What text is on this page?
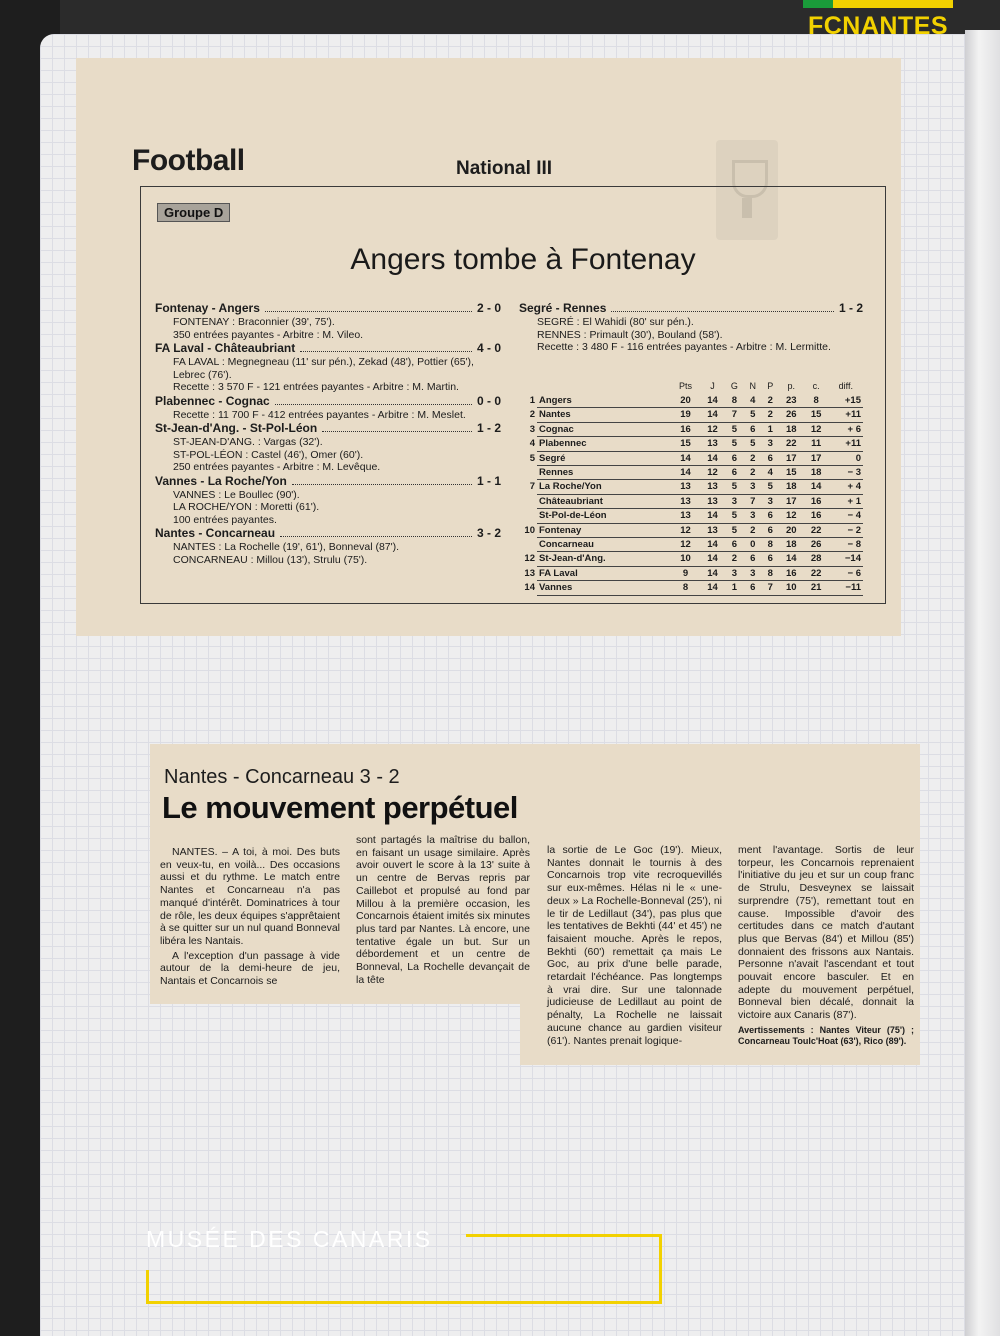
FCNANTES
Football	National III
Groupe D
Angers tombe à Fontenay
Fontenay - Angers	2 - 0
FONTENAY : Braconnier (39', 75').
350 entrées payantes - Arbitre : M. Vileo.
FA Laval - Châteaubriant	4 - 0
FA LAVAL : Megnegneau (11' sur pén.), Zekad (48'), Pottier (65'), Lebrec (76').
Recette : 3 570 F - 121 entrées payantes - Arbitre : M. Martin.
Plabennec - Cognac	0 - 0
Recette : 11 700 F - 412 entrées payantes - Arbitre : M. Meslet.
St-Jean-d'Ang. - St-Pol-Léon	1 - 2
ST-JEAN-D'ANG. : Vargas (32').
ST-POL-LÉON : Castel (46'), Omer (60').
250 entrées payantes - Arbitre : M. Levêque.
Vannes - La Roche/Yon	1 - 1
VANNES : Le Boullec (90').
LA ROCHE/YON : Moretti (61').
100 entrées payantes.
Nantes - Concarneau	3 - 2
NANTES : La Rochelle (19', 61'), Bonneval (87').
CONCARNEAU : Millou (13'), Strulu (75').
Segré - Rennes	1 - 2
SEGRÉ : El Wahidi (80' sur pén.).
RENNES : Primault (30'), Bouland (58').
Recette : 3 480 F - 116 entrées payantes - Arbitre : M. Lermitte.
		Pts	J	G	N	P	p.	c.	diff.
1	Angers	20	14	8	4	2	23	8	+15
2	Nantes	19	14	7	5	2	26	15	+11
3	Cognac	16	12	5	6	1	18	12	+ 6
4	Plabennec	15	13	5	5	3	22	11	+11
5	Segré	14	14	6	2	6	17	17	0
	Rennes	14	12	6	2	4	15	18	− 3
7	La Roche/Yon	13	13	5	3	5	18	14	+ 4
	Châteaubriant	13	13	3	7	3	17	16	+ 1
	St-Pol-de-Léon	13	14	5	3	6	12	16	− 4
10	Fontenay	12	13	5	2	6	20	22	− 2
	Concarneau	12	14	6	0	8	18	26	− 8
12	St-Jean-d'Ang.	10	14	2	6	6	14	28	−14
13	FA Laval	9	14	3	3	8	16	22	− 6
14	Vannes	8	14	1	6	7	10	21	−11
Nantes - Concarneau 3 - 2
Le mouvement perpétuel

NANTES. – A toi, à moi. Des buts en veux-tu, en voilà... Des occasions aussi et du rythme. Le match entre Nantes et Concarneau n'a pas manqué d'intérêt. Dominatrices à tour de rôle, les deux équipes s'apprêtaient à se quitter sur un nul quand Bonneval libéra les Nantais.

A l'exception d'un passage à vide autour de la demi-heure de jeu, Nantais et Concarnois se

sont partagés la maîtrise du ballon, en faisant un usage similaire. Après avoir ouvert le score à la 13' suite à un centre de Bervas repris par Caillebot et propulsé au fond par Millou à la première occasion, les Concarnois étaient imités six minutes plus tard par Nantes. Là encore, une tentative égale un but. Sur un débordement et un centre de Bonneval, La Rochelle devançait de la tête

la sortie de Le Goc (19'). Mieux, Nantes donnait le tournis à des Concarnois trop vite recroquevillés sur eux-mêmes. Hélas ni le « une-deux » La Rochelle-Bonneval (25'), ni le tir de Ledillaut (34'), pas plus que les tentatives de Bekhti (44' et 45') ne faisaient mouche. Après le repos, Bekhti (60') remettait ça mais Le Goc, au prix d'une belle parade, retardait l'échéance. Pas longtemps à vrai dire. Sur une talonnade judicieuse de Ledillaut au point de pénalty, La Rochelle ne laissait aucune chance au gardien visiteur (61'). Nantes prenait logique-

ment l'avantage. Sortis de leur torpeur, les Concarnois reprenaient l'initiative du jeu et sur un coup franc de Strulu, Desveynex se laissait surprendre (75'), remettant tout en cause. Impossible d'avoir des certitudes dans ce match d'autant plus que Bervas (84') et Millou (85') donnaient des frissons aux Nantais. Personne n'avait l'ascendant et tout pouvait encore basculer. Et en adepte du mouvement perpétuel, Bonneval bien décalé, donnait la victoire aux Canaris (87').

Avertissements : Nantes Viteur (75') ; Concarneau Toulc'Hoat (63'), Rico (89').
MUSÉE DES CANARIS
